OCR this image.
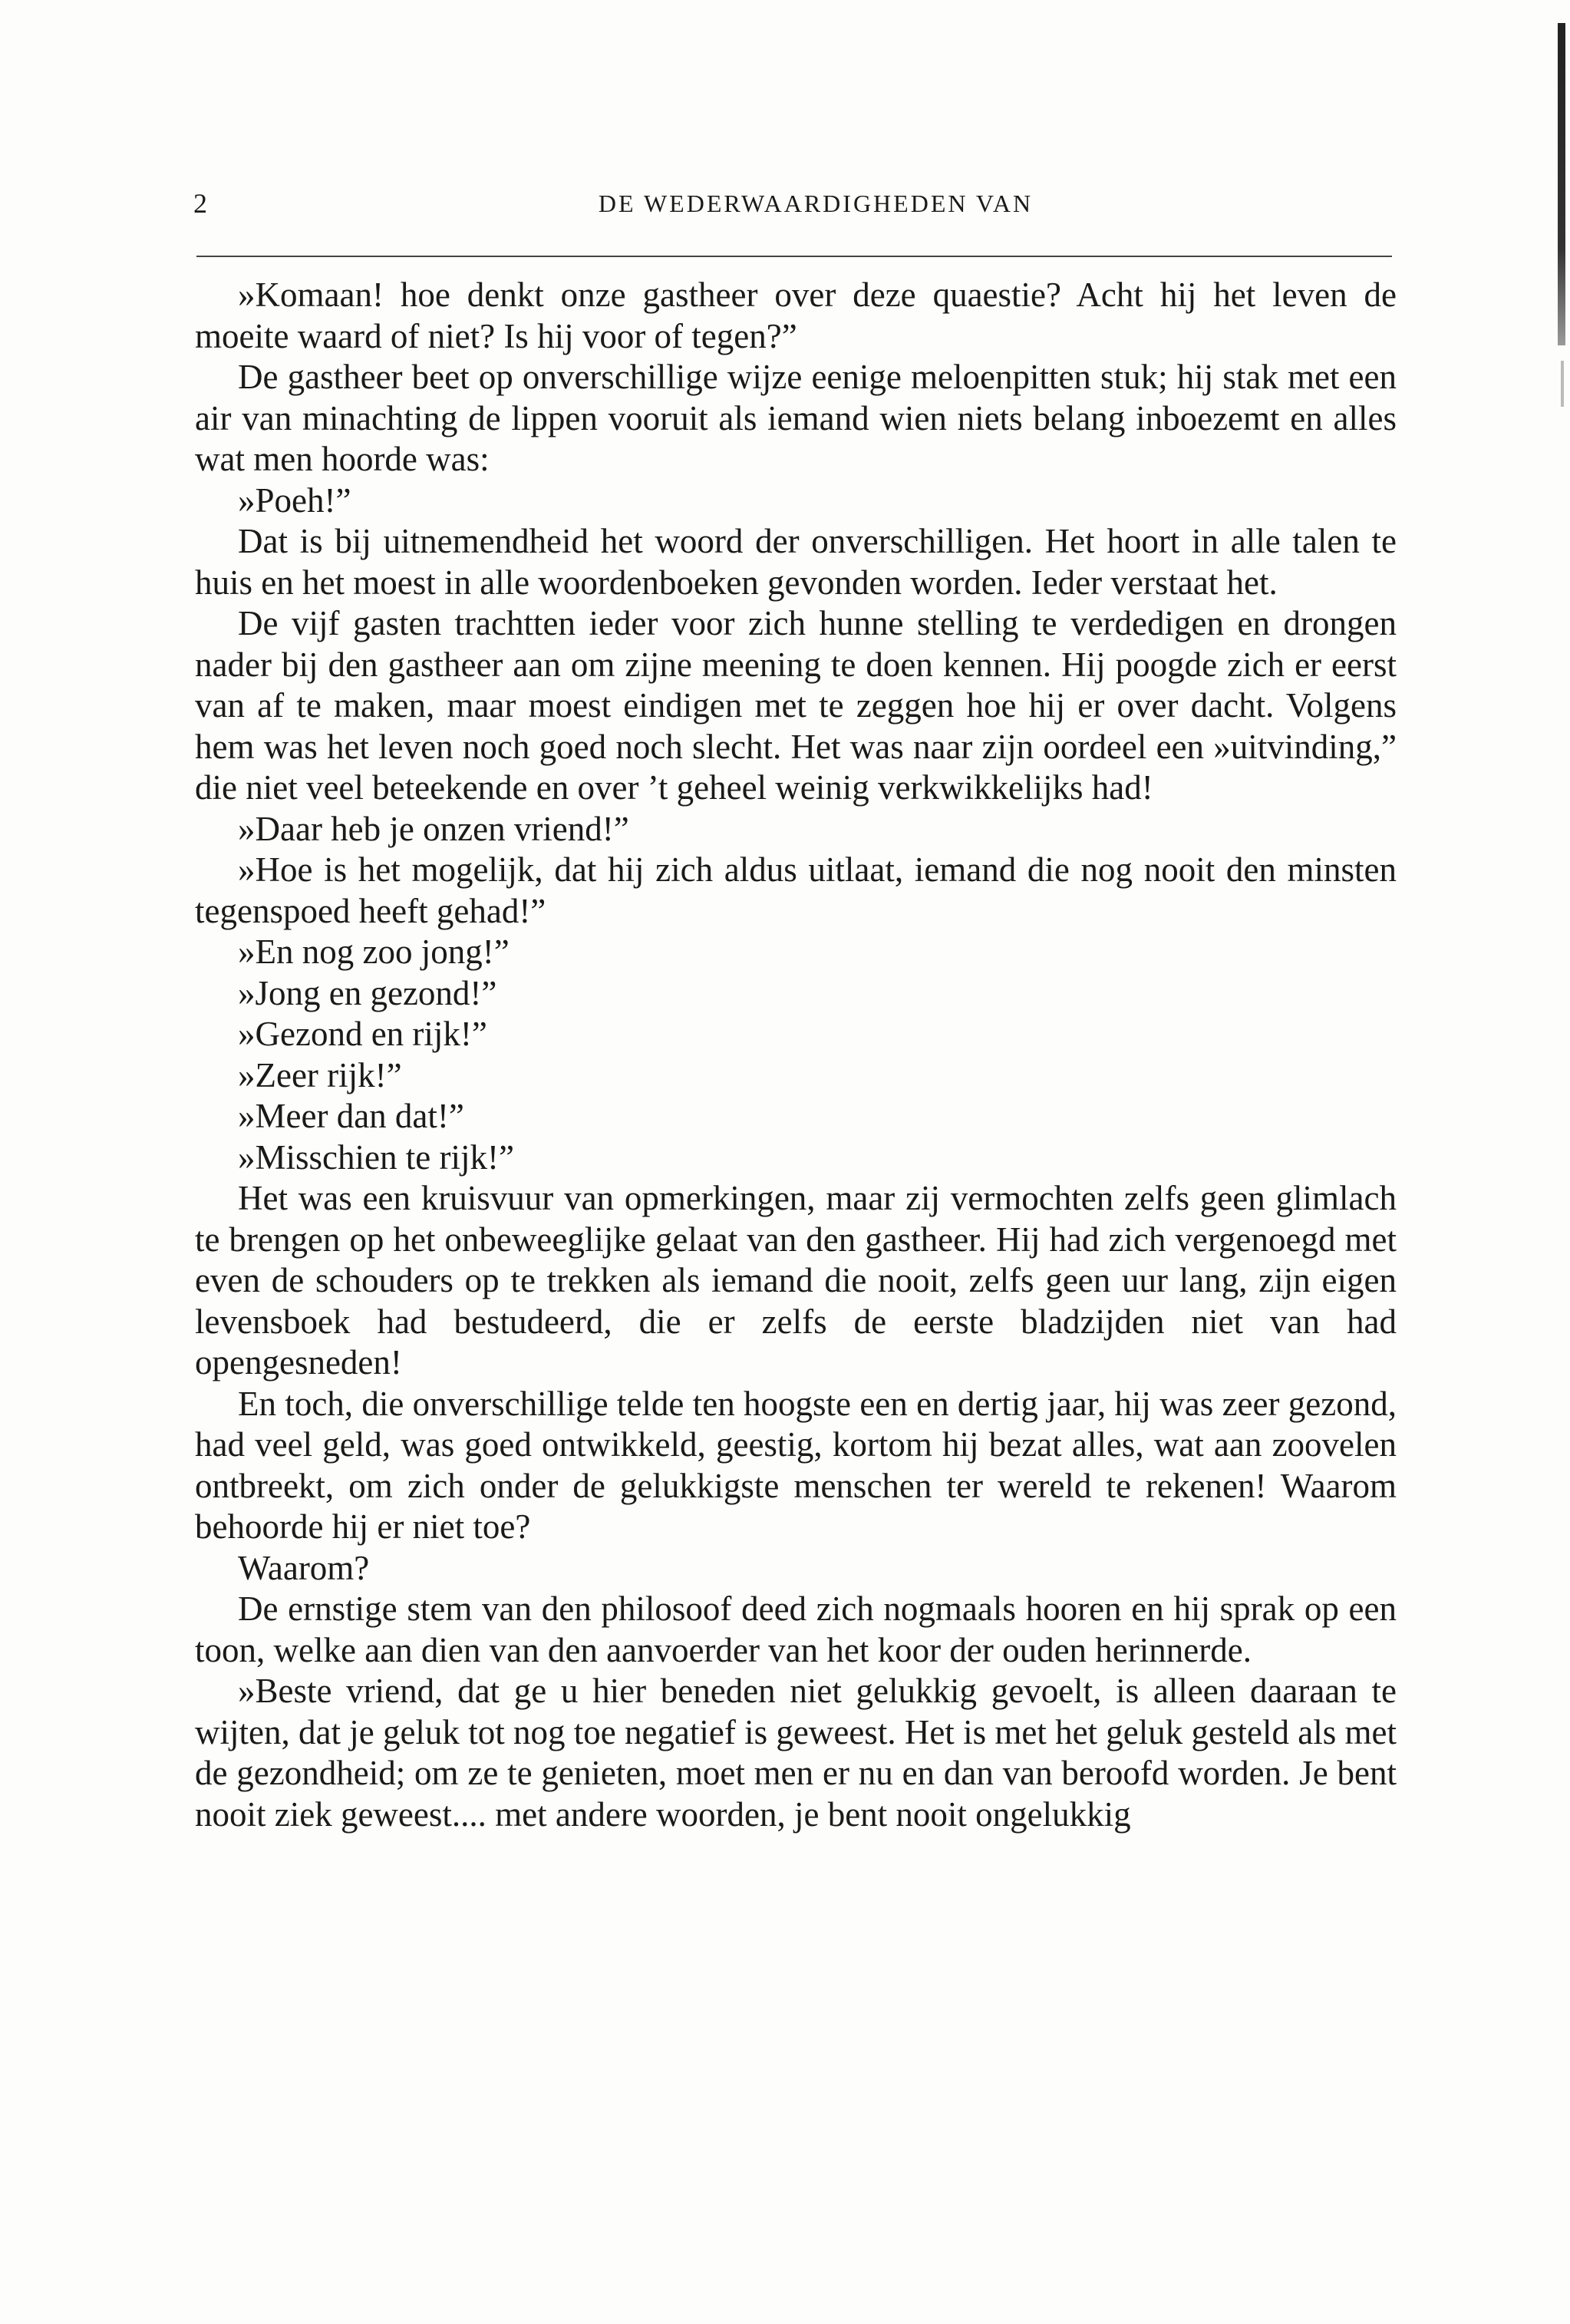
2	DE WEDERWAARDIGHEDEN VAN

»Komaan! hoe denkt onze gastheer over deze quaestie? Acht hij het leven de moeite waard of niet? Is hij voor of tegen?”

De gastheer beet op onverschillige wijze eenige meloenpitten stuk; hij stak met een air van minachting de lippen vooruit als iemand wien niets belang inboezemt en alles wat men hoorde was:

»Poeh!”

Dat is bij uitnemendheid het woord der onverschilligen. Het hoort in alle talen te huis en het moest in alle woordenboeken gevonden worden. Ieder verstaat het.

De vijf gasten trachtten ieder voor zich hunne stelling te verdedigen en drongen nader bij den gastheer aan om zijne meening te doen kennen. Hij poogde zich er eerst van af te maken, maar moest eindigen met te zeggen hoe hij er over dacht. Volgens hem was het leven noch goed noch slecht. Het was naar zijn oordeel een »uitvinding,” die niet veel beteekende en over ’t geheel weinig verkwikkelijks had!

»Daar heb je onzen vriend!”

»Hoe is het mogelijk, dat hij zich aldus uitlaat, iemand die nog nooit den minsten tegenspoed heeft gehad!”

»En nog zoo jong!”

»Jong en gezond!”

»Gezond en rijk!”

»Zeer rijk!”

»Meer dan dat!”

»Misschien te rijk!”

Het was een kruisvuur van opmerkingen, maar zij vermochten zelfs geen glimlach te brengen op het onbeweeglijke gelaat van den gastheer. Hij had zich vergenoegd met even de schouders op te trekken als iemand die nooit, zelfs geen uur lang, zijn eigen levensboek had bestudeerd, die er zelfs de eerste bladzijden niet van had opengesneden!

En toch, die onverschillige telde ten hoogste een en dertig jaar, hij was zeer gezond, had veel geld, was goed ontwikkeld, geestig, kortom hij bezat alles, wat aan zoovelen ontbreekt, om zich onder de gelukkigste menschen ter wereld te rekenen! Waarom behoorde hij er niet toe?

Waarom?

De ernstige stem van den philosoof deed zich nogmaals hooren en hij sprak op een toon, welke aan dien van den aanvoerder van het koor der ouden herinnerde.

»Beste vriend, dat ge u hier beneden niet gelukkig gevoelt, is alleen daaraan te wijten, dat je geluk tot nog toe negatief is geweest. Het is met het geluk gesteld als met de gezondheid; om ze te genieten, moet men er nu en dan van beroofd worden. Je bent nooit ziek geweest.... met andere woorden, je bent nooit ongelukkig
